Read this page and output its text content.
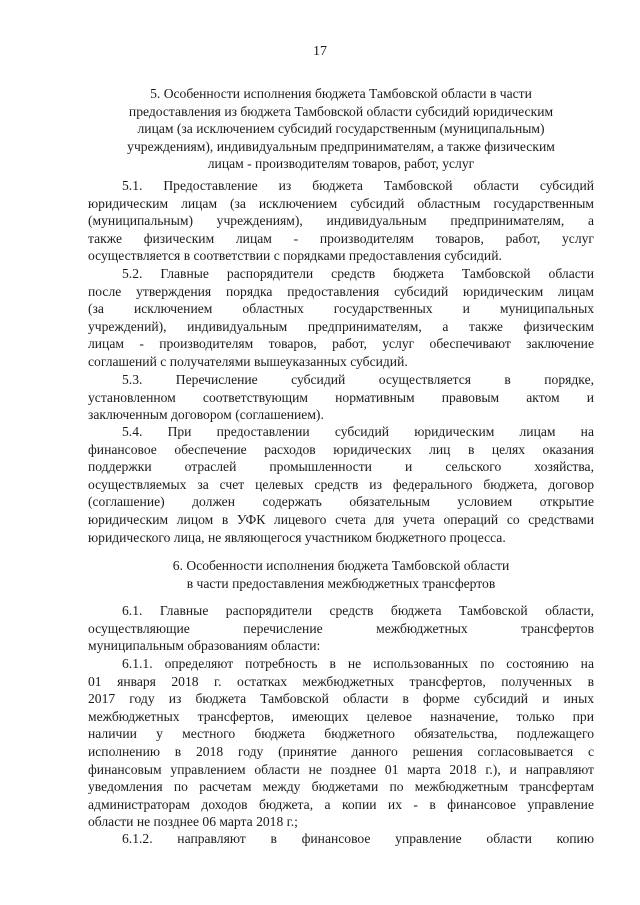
17
5. Особенности исполнения бюджета Тамбовской области в части
предоставления из бюджета Тамбовской области субсидий юридическим
лицам (за исключением субсидий государственным (муниципальным)
учреждениям), индивидуальным предпринимателям, а также физическим
лицам - производителям товаров, работ, услуг
5.1. Предоставление из бюджета Тамбовской области субсидий
юридическим лицам (за исключением субсидий областным государственным
(муниципальным) учреждениям), индивидуальным предпринимателям, а
также физическим лицам - производителям товаров, работ, услуг
осуществляется в соответствии с порядками предоставления субсидий.
5.2. Главные распорядители средств бюджета Тамбовской области
после утверждения порядка предоставления субсидий юридическим лицам
(за исключением областных государственных и муниципальных
учреждений), индивидуальным предпринимателям, а также физическим
лицам - производителям товаров, работ, услуг обеспечивают заключение
соглашений с получателями вышеуказанных субсидий.
5.3. Перечисление субсидий осуществляется в порядке,
установленном соответствующим нормативным правовым актом и
заключенным договором (соглашением).
5.4. При предоставлении субсидий юридическим лицам на
финансовое обеспечение расходов юридических лиц в целях оказания
поддержки отраслей промышленности и сельского хозяйства,
осуществляемых за счет целевых средств из федерального бюджета, договор
(соглашение) должен содержать обязательным условием открытие
юридическим лицом в УФК лицевого счета для учета операций со средствами
юридического лица, не являющегося участником бюджетного процесса.
6. Особенности исполнения бюджета Тамбовской области
в части предоставления межбюджетных трансфертов
6.1. Главные распорядители средств бюджета Тамбовской области,
осуществляющие перечисление межбюджетных трансфертов
муниципальным образованиям области:
6.1.1. определяют потребность в не использованных по состоянию на
01 января 2018 г. остатках межбюджетных трансфертов, полученных в
2017 году из бюджета Тамбовской области в форме субсидий и иных
межбюджетных трансфертов, имеющих целевое назначение, только при
наличии у местного бюджета бюджетного обязательства, подлежащего
исполнению в 2018 году (принятие данного решения согласовывается с
финансовым управлением области не позднее 01 марта 2018 г.), и направляют
уведомления по расчетам между бюджетами по межбюджетным трансфертам
администраторам доходов бюджета, а копии их - в финансовое управление
области не позднее 06 марта 2018 г.;
6.1.2. направляют в финансовое управление области копию
